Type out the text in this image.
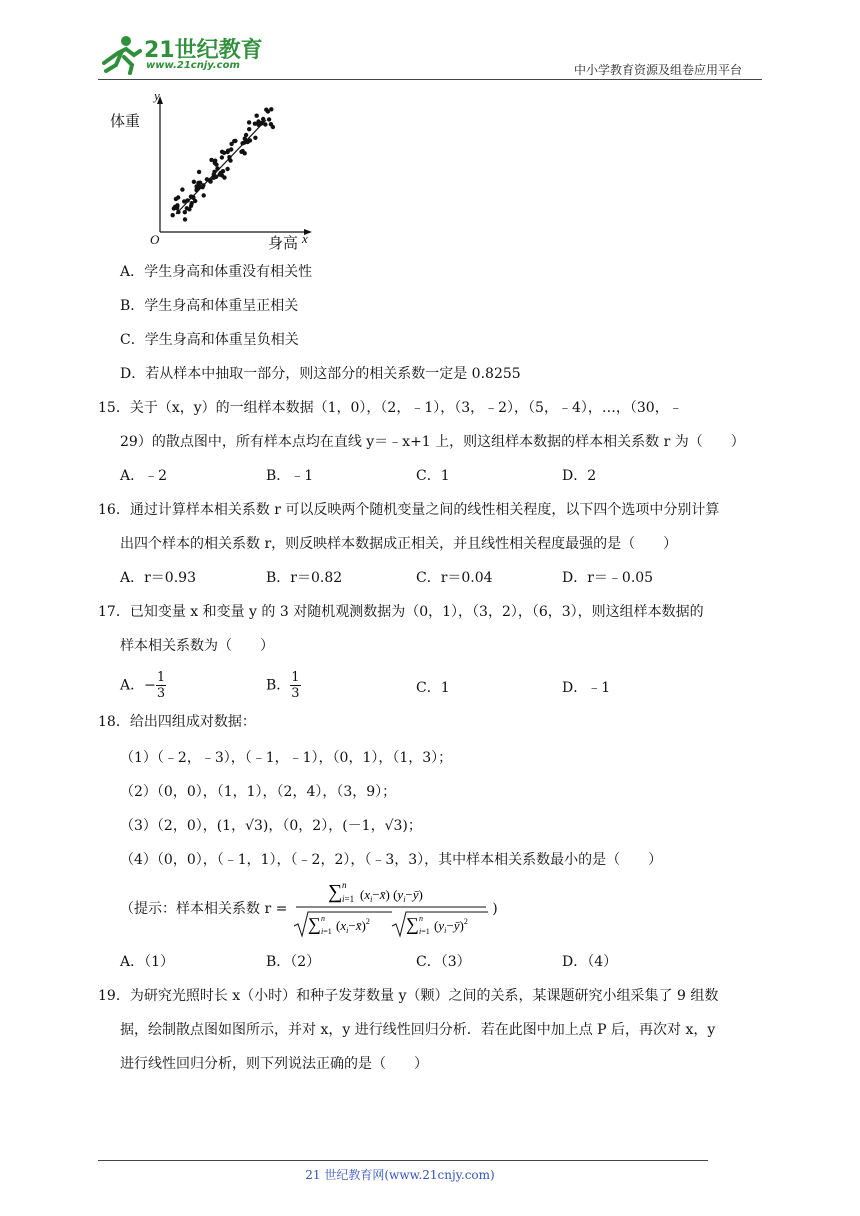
21世纪教育
www.21cnjy.com	中小学教育资源及组卷应用平台
体重
y
O	身高 x
A．学生身高和体重没有相关性
B．学生身高和体重呈正相关
C．学生身高和体重呈负相关
D．若从样本中抽取一部分，则这部分的相关系数一定是 0.8255
15．关于（x，y）的一组样本数据（1，0），（2，﹣1），（3，﹣2），（5，﹣4），…，（30，﹣
29）的散点图中，所有样本点均在直线 y＝﹣x+1 上，则这组样本数据的样本相关系数 r 为（　　）
A．﹣2	B．﹣1	C．1	D．2
16．通过计算样本相关系数 r 可以反映两个随机变量之间的线性相关程度，以下四个选项中分别计算
出四个样本的相关系数 r，则反映样本数据成正相关，并且线性相关程度最强的是（　　）
A．r＝0.93	B．r＝0.82	C．r＝0.04	D．r＝﹣0.05
17．已知变量 x 和变量 y 的 3 对随机观测数据为（0，1），（3，2），（6，3），则这组样本数据的
样本相关系数为（　　）
A．− $\frac{1}{3}$	B． $\frac{1}{3}$	C．1	D．﹣1
18．给出四组成对数据：
（1）（﹣2，﹣3），（﹣1，﹣1），（0，1），（1，3）；
（2）（0，0），（1，1），（2，4），（3，9）；
（3）（2，0），(1，√3)，（0，2），(－1，√3)；
（4）（0，0），（﹣1，1），（﹣2，2），（﹣3，3），其中样本相关系数最小的是（　　）
（提示：样本相关系数 r =
∑ n
i=1 $(x_i-x̄)$ $(y_i-ȳ)$
∑ n
i=1 $(x_i-x̄)^2$ ∑ n
i=1 $(y_i-ȳ)^2$
)
A．（1）	B．（2）	C．（3）	D．（4）
19．为研究光照时长 x（小时）和种子发芽数量 y（颗）之间的关系，某课题研究小组采集了 9 组数
据，绘制散点图如图所示，并对 x，y 进行线性回归分析．若在此图中加上点 P 后，再次对 x，y
进行线性回归分析，则下列说法正确的是（　　）
21 世纪教育网(www.21cnjy.com)
